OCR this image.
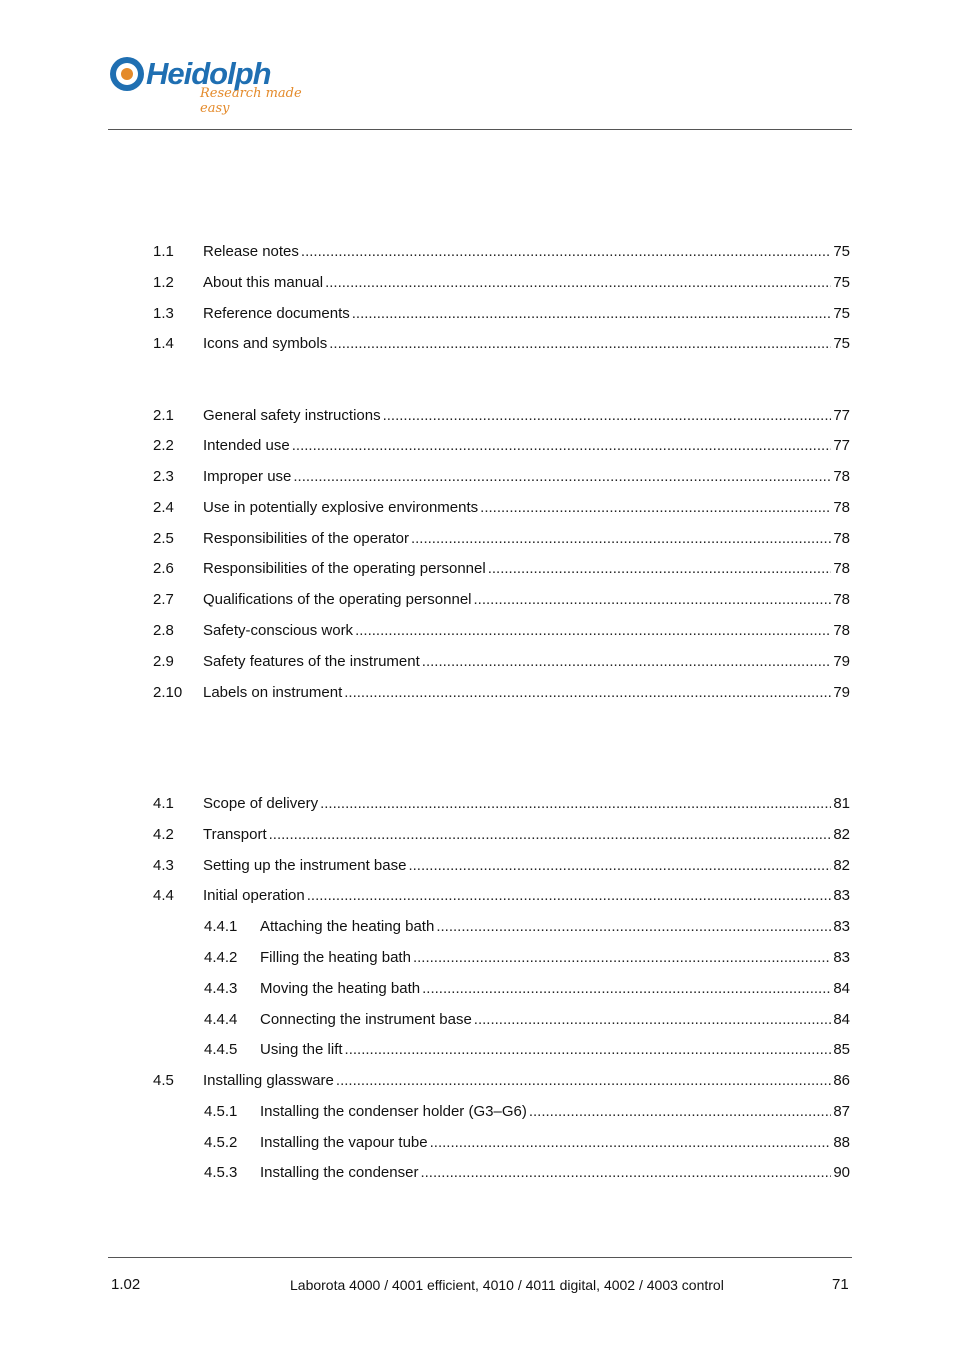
Heidolph
Research made easy
1.1 Release notes .....	75
1.2 About this manual .....	75
1.3 Reference documents .....	75
1.4 Icons and symbols .....	75
2.1 General safety instructions .....	77
2.2 Intended use .....	77
2.3 Improper use .....	78
2.4 Use in potentially explosive environments .....	78
2.5 Responsibilities of the operator .....	78
2.6 Responsibilities of the operating personnel .....	78
2.7 Qualifications of the operating personnel .....	78
2.8 Safety-conscious work .....	78
2.9 Safety features of the instrument .....	79
2.10 Labels on instrument .....	79
4.1 Scope of delivery .....	81
4.2 Transport .....	82
4.3 Setting up the instrument base .....	82
4.4 Initial operation .....	83
4.4.1 Attaching the heating bath .....	83
4.4.2 Filling the heating bath .....	83
4.4.3 Moving the heating bath .....	84
4.4.4 Connecting the instrument base .....	84
4.4.5 Using the lift .....	85
4.5 Installing glassware .....	86
4.5.1 Installing the condenser holder (G3–G6) .....	87
4.5.2 Installing the vapour tube .....	88
4.5.3 Installing the condenser .....	90
1.02	Laborota 4000 / 4001 efficient, 4010 / 4011 digital, 4002 / 4003 control	71
